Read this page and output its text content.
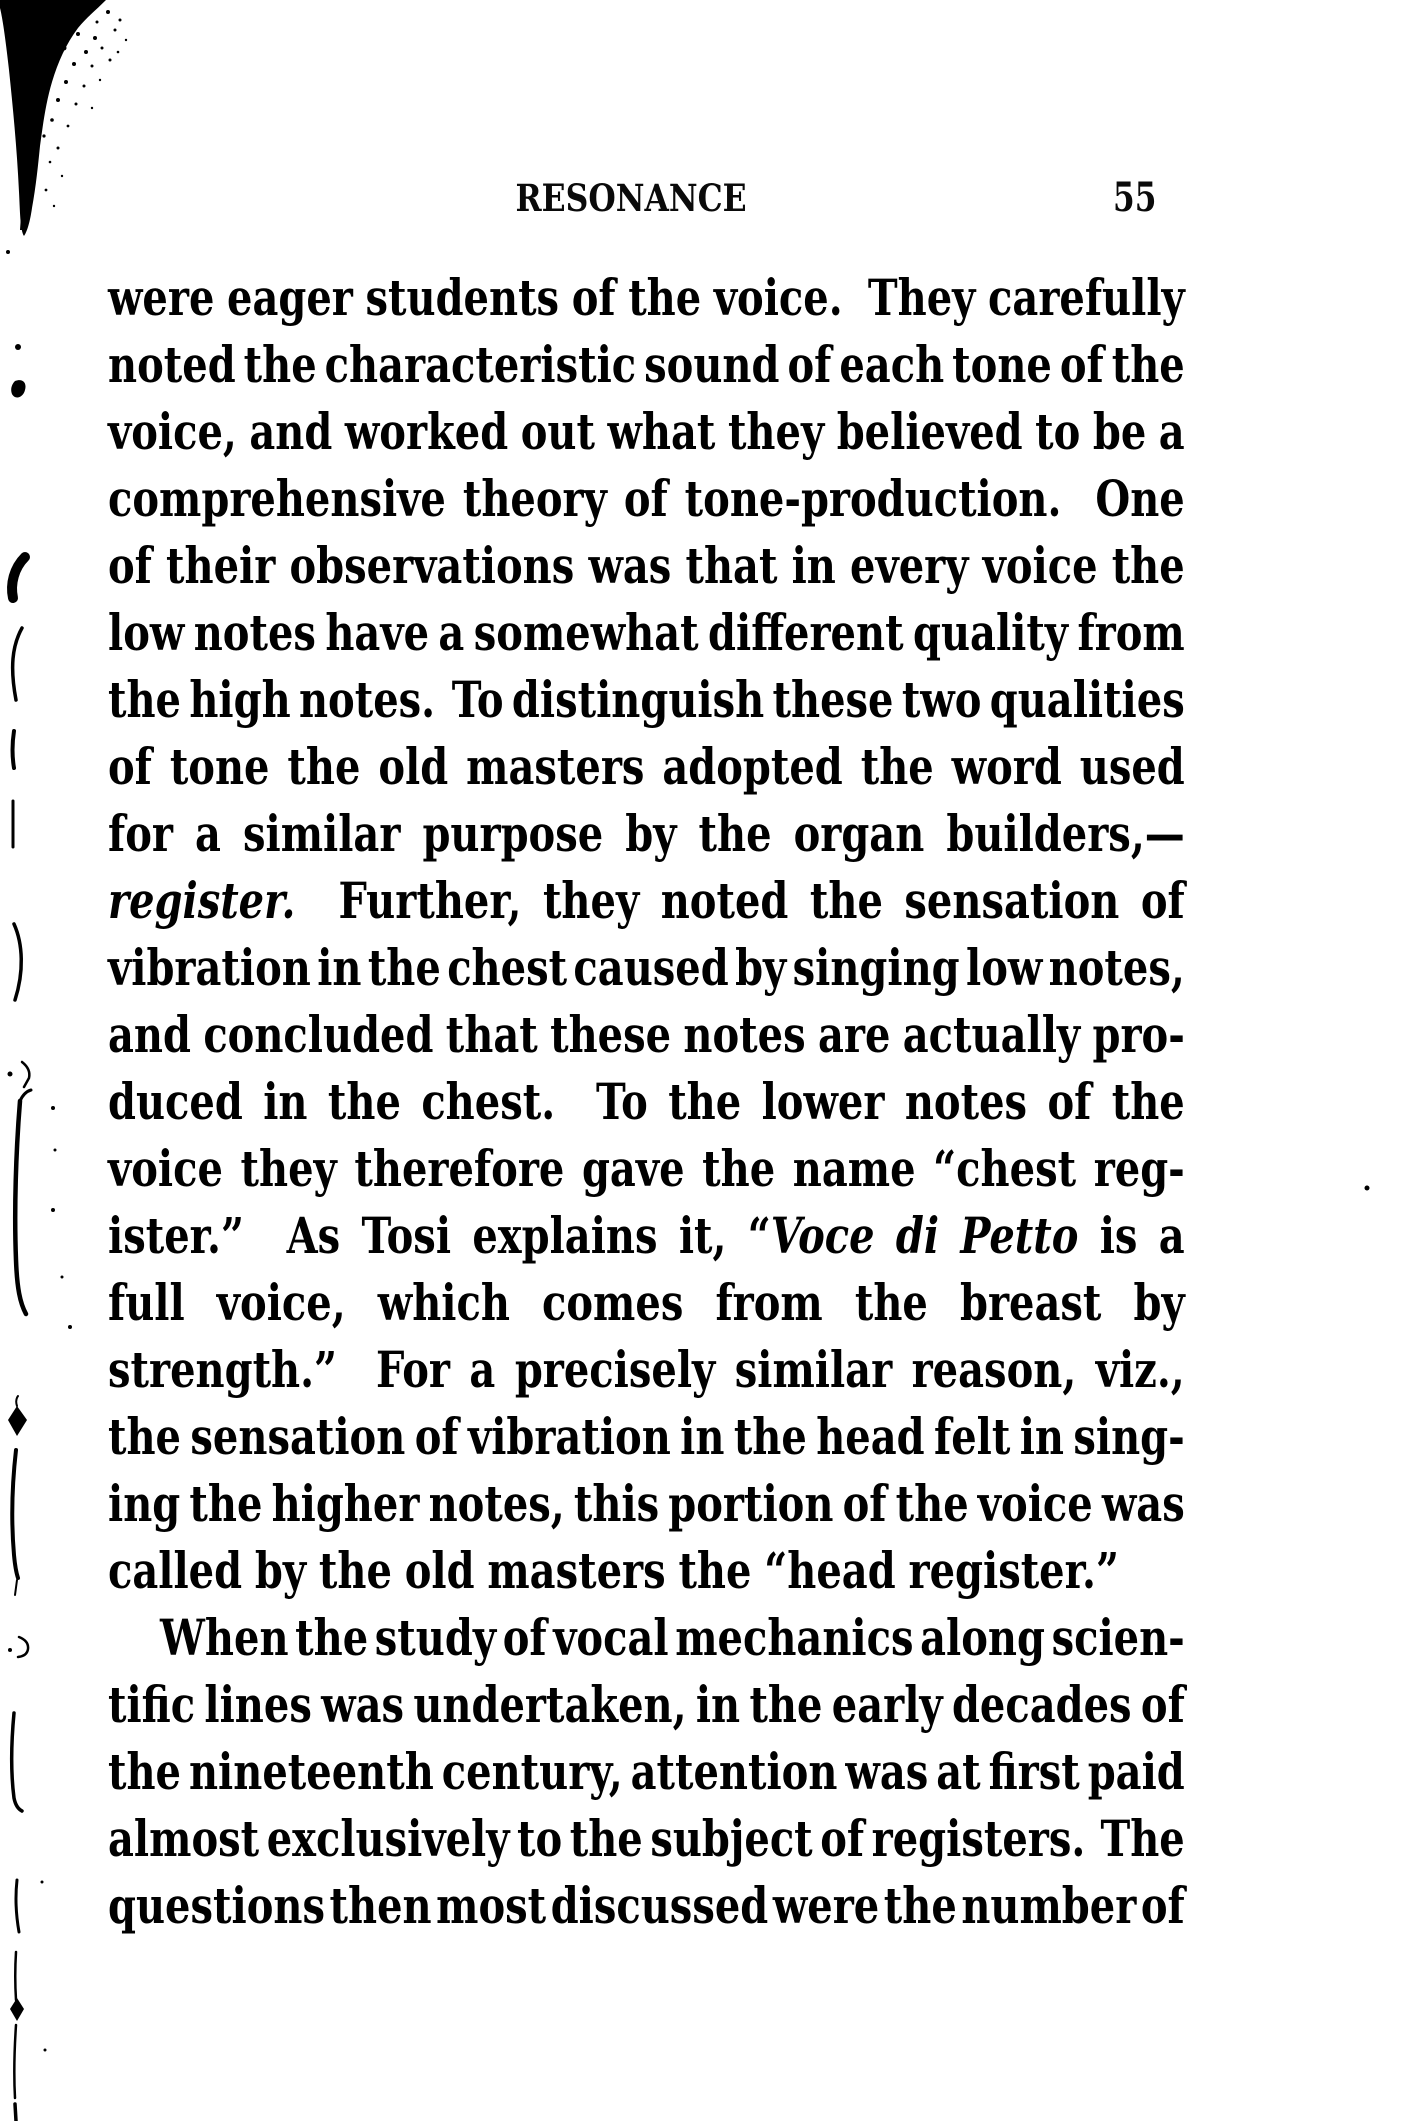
RESONANCE	55
were eager students of the voice. They carefully
noted the characteristic sound of each tone of the
voice, and worked out what they believed to be a
comprehensive theory of tone-production. One
of their observations was that in every voice the
low notes have a somewhat different quality from
the high notes. To distinguish these two qualities
of tone the old masters adopted the word used
for a similar purpose by the organ builders,—
register. Further, they noted the sensation of
vibration in the chest caused by singing low notes,
and concluded that these notes are actually pro-
duced in the chest. To the lower notes of the
voice they therefore gave the name “chest reg-
ister.” As Tosi explains it, “Voce di Petto is a
full voice, which comes from the breast by
strength.” For a precisely similar reason, viz.,
the sensation of vibration in the head felt in sing-
ing the higher notes, this portion of the voice was
called by the old masters the “head register.”
When the study of vocal mechanics along scien-
tific lines was undertaken, in the early decades of
the nineteenth century, attention was at first paid
almost exclusively to the subject of registers. The
questions then most discussed were the number of
